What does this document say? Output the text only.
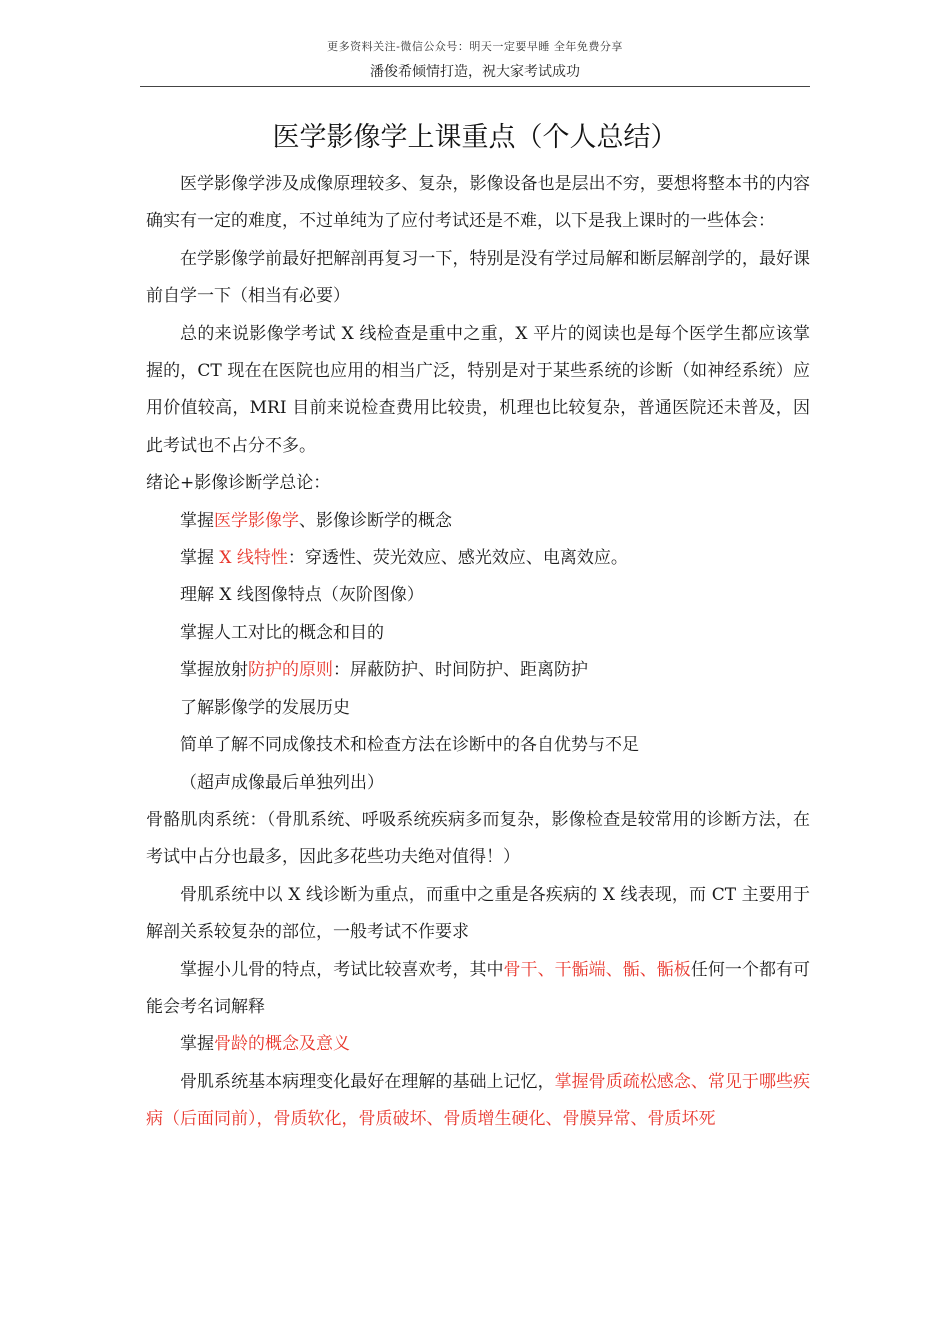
更多资料关注-微信公众号：明天一定要早睡 全年免费分享
潘俊希倾情打造，祝大家考试成功
医学影像学上课重点（个人总结）

医学影像学涉及成像原理较多、复杂，影像设备也是层出不穷，要想将整本书的内容确实有一定的难度，不过单纯为了应付考试还是不难，以下是我上课时的一些体会：

在学影像学前最好把解剖再复习一下，特别是没有学过局解和断层解剖学的，最好课前自学一下（相当有必要）

总的来说影像学考试 X 线检查是重中之重，X 平片的阅读也是每个医学生都应该掌握的，CT 现在在医院也应用的相当广泛，特别是对于某些系统的诊断（如神经系统）应用价值较高，MRI 目前来说检查费用比较贵，机理也比较复杂，普通医院还未普及，因此考试也不占分不多。

绪论+影像诊断学总论：

掌握医学影像学、影像诊断学的概念

掌握 X 线特性：穿透性、荧光效应、感光效应、电离效应。

理解 X 线图像特点（灰阶图像）

掌握人工对比的概念和目的

掌握放射防护的原则：屏蔽防护、时间防护、距离防护

了解影像学的发展历史

简单了解不同成像技术和检查方法在诊断中的各自优势与不足

（超声成像最后单独列出）

骨骼肌肉系统：（骨肌系统、呼吸系统疾病多而复杂，影像检查是较常用的诊断方法，在考试中占分也最多，因此多花些功夫绝对值得！）

骨肌系统中以 X 线诊断为重点，而重中之重是各疾病的 X 线表现，而 CT 主要用于解剖关系较复杂的部位，一般考试不作要求

掌握小儿骨的特点，考试比较喜欢考，其中骨干、干骺端、骺、骺板任何一个都有可能会考名词解释

掌握骨龄的概念及意义

骨肌系统基本病理变化最好在理解的基础上记忆，掌握骨质疏松感念、常见于哪些疾病（后面同前），骨质软化，骨质破坏、骨质增生硬化、骨膜异常、骨质坏死
